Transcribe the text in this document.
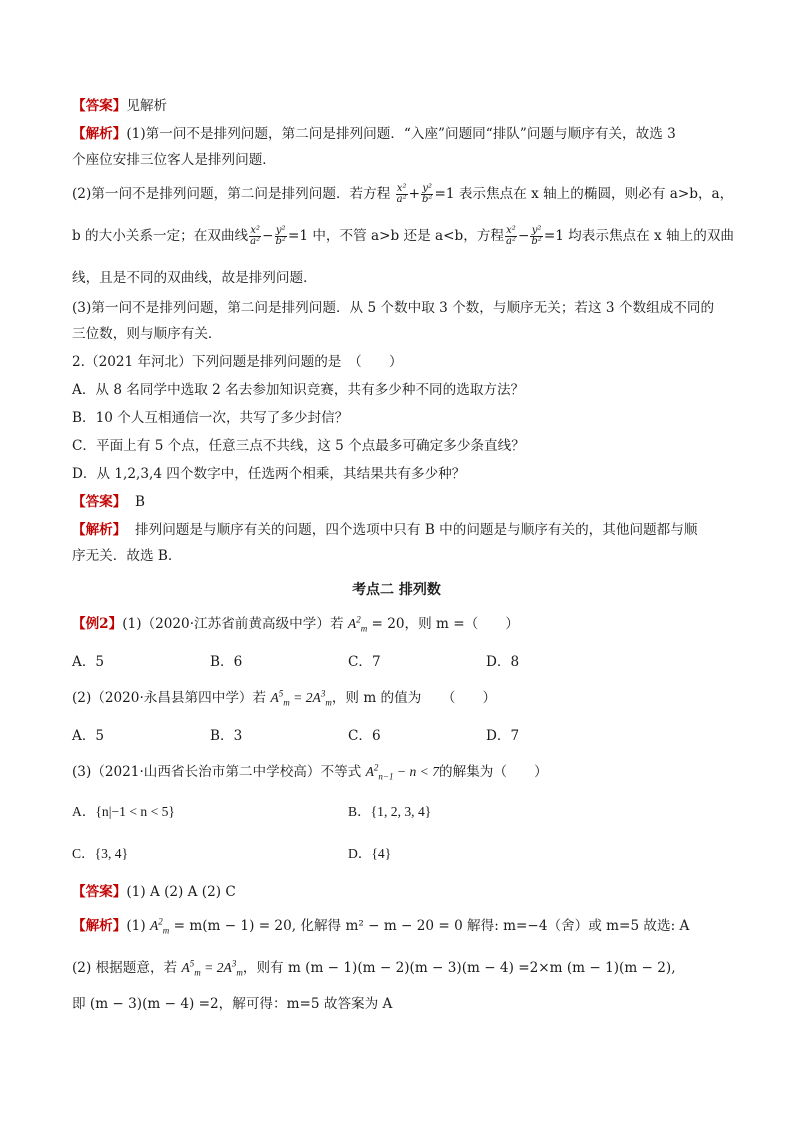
【答案】见解析
【解析】(1)第一问不是排列问题，第二问是排列问题．“入座”问题同“排队”问题与顺序有关，故选 3
个座位安排三位客人是排列问题．
(2)第一问不是排列问题，第二问是排列问题．若方程 $\frac{\text{x²}}{\text{a²}} + \frac{\text{y²}}{\text{b²}} =1$ 表示焦点在 x 轴上的椭圆，则必有 a>b，a，
b 的大小关系一定；在双曲线 $\frac{\text{x²}}{\text{a²}} - \frac{\text{y²}}{\text{b²}} =1$ 中，不管 a>b 还是 a<b，方程 $\frac{\text{x²}}{\text{a²}} - \frac{\text{y²}}{\text{b²}} =1$ 均表示焦点在 x 轴上的双曲
线，且是不同的双曲线，故是排列问题．
(3)第一问不是排列问题，第二问是排列问题．从 5 个数中取 3 个数，与顺序无关；若这 3 个数组成不同的
三位数，则与顺序有关．
2.（2021 年河北）下列问题是排列问题的是　（　　）
A．从 8 名同学中选取 2 名去参加知识竞赛，共有多少种不同的选取方法？
B．10 个人互相通信一次，共写了多少封信？
C．平面上有 5 个点，任意三点不共线，这 5 个点最多可确定多少条直线？
D．从 1,2,3,4 四个数字中，任选两个相乘，其结果共有多少种？
【答案】 B
【解析】 排列问题是与顺序有关的问题，四个选项中只有 B 中的问题是与顺序有关的，其他问题都与顺
序无关．故选 B.
考点二 排列数
【例2】(1)（2020·江苏省前黄高级中学）若 $A^2_m = 20$，则 m =（　　）
A．5	B．6	C．7	D．8
(2)（2020·永昌县第四中学）若 $A^5_m = 2A^3_m$，则 m 的值为　　（　　）
A．5	B．3	C．6	D．7
(3)（2021·山西省长治市第二中学校高）不等式 $A^2_{n-1} - n < 7$的解集为（　　）
A．{n|−1 < n < 5}	B．{1, 2, 3, 4}
C．{3, 4}	D．{4}
【答案】(1) A (2) A (2) C
【解析】(1) $A^2_m = m(m - 1) = 20$, 化解得 m² − m − 20 = 0 解得: m=−4（舍）或 m=5 故选: A
(2) 根据题意，若 $A^5_m = 2A^3_m$，则有 m (m − 1)(m − 2)(m − 3)(m − 4) =2×m (m − 1)(m − 2),
即 (m − 3)(m − 4) =2，解可得：m=5 故答案为 A
